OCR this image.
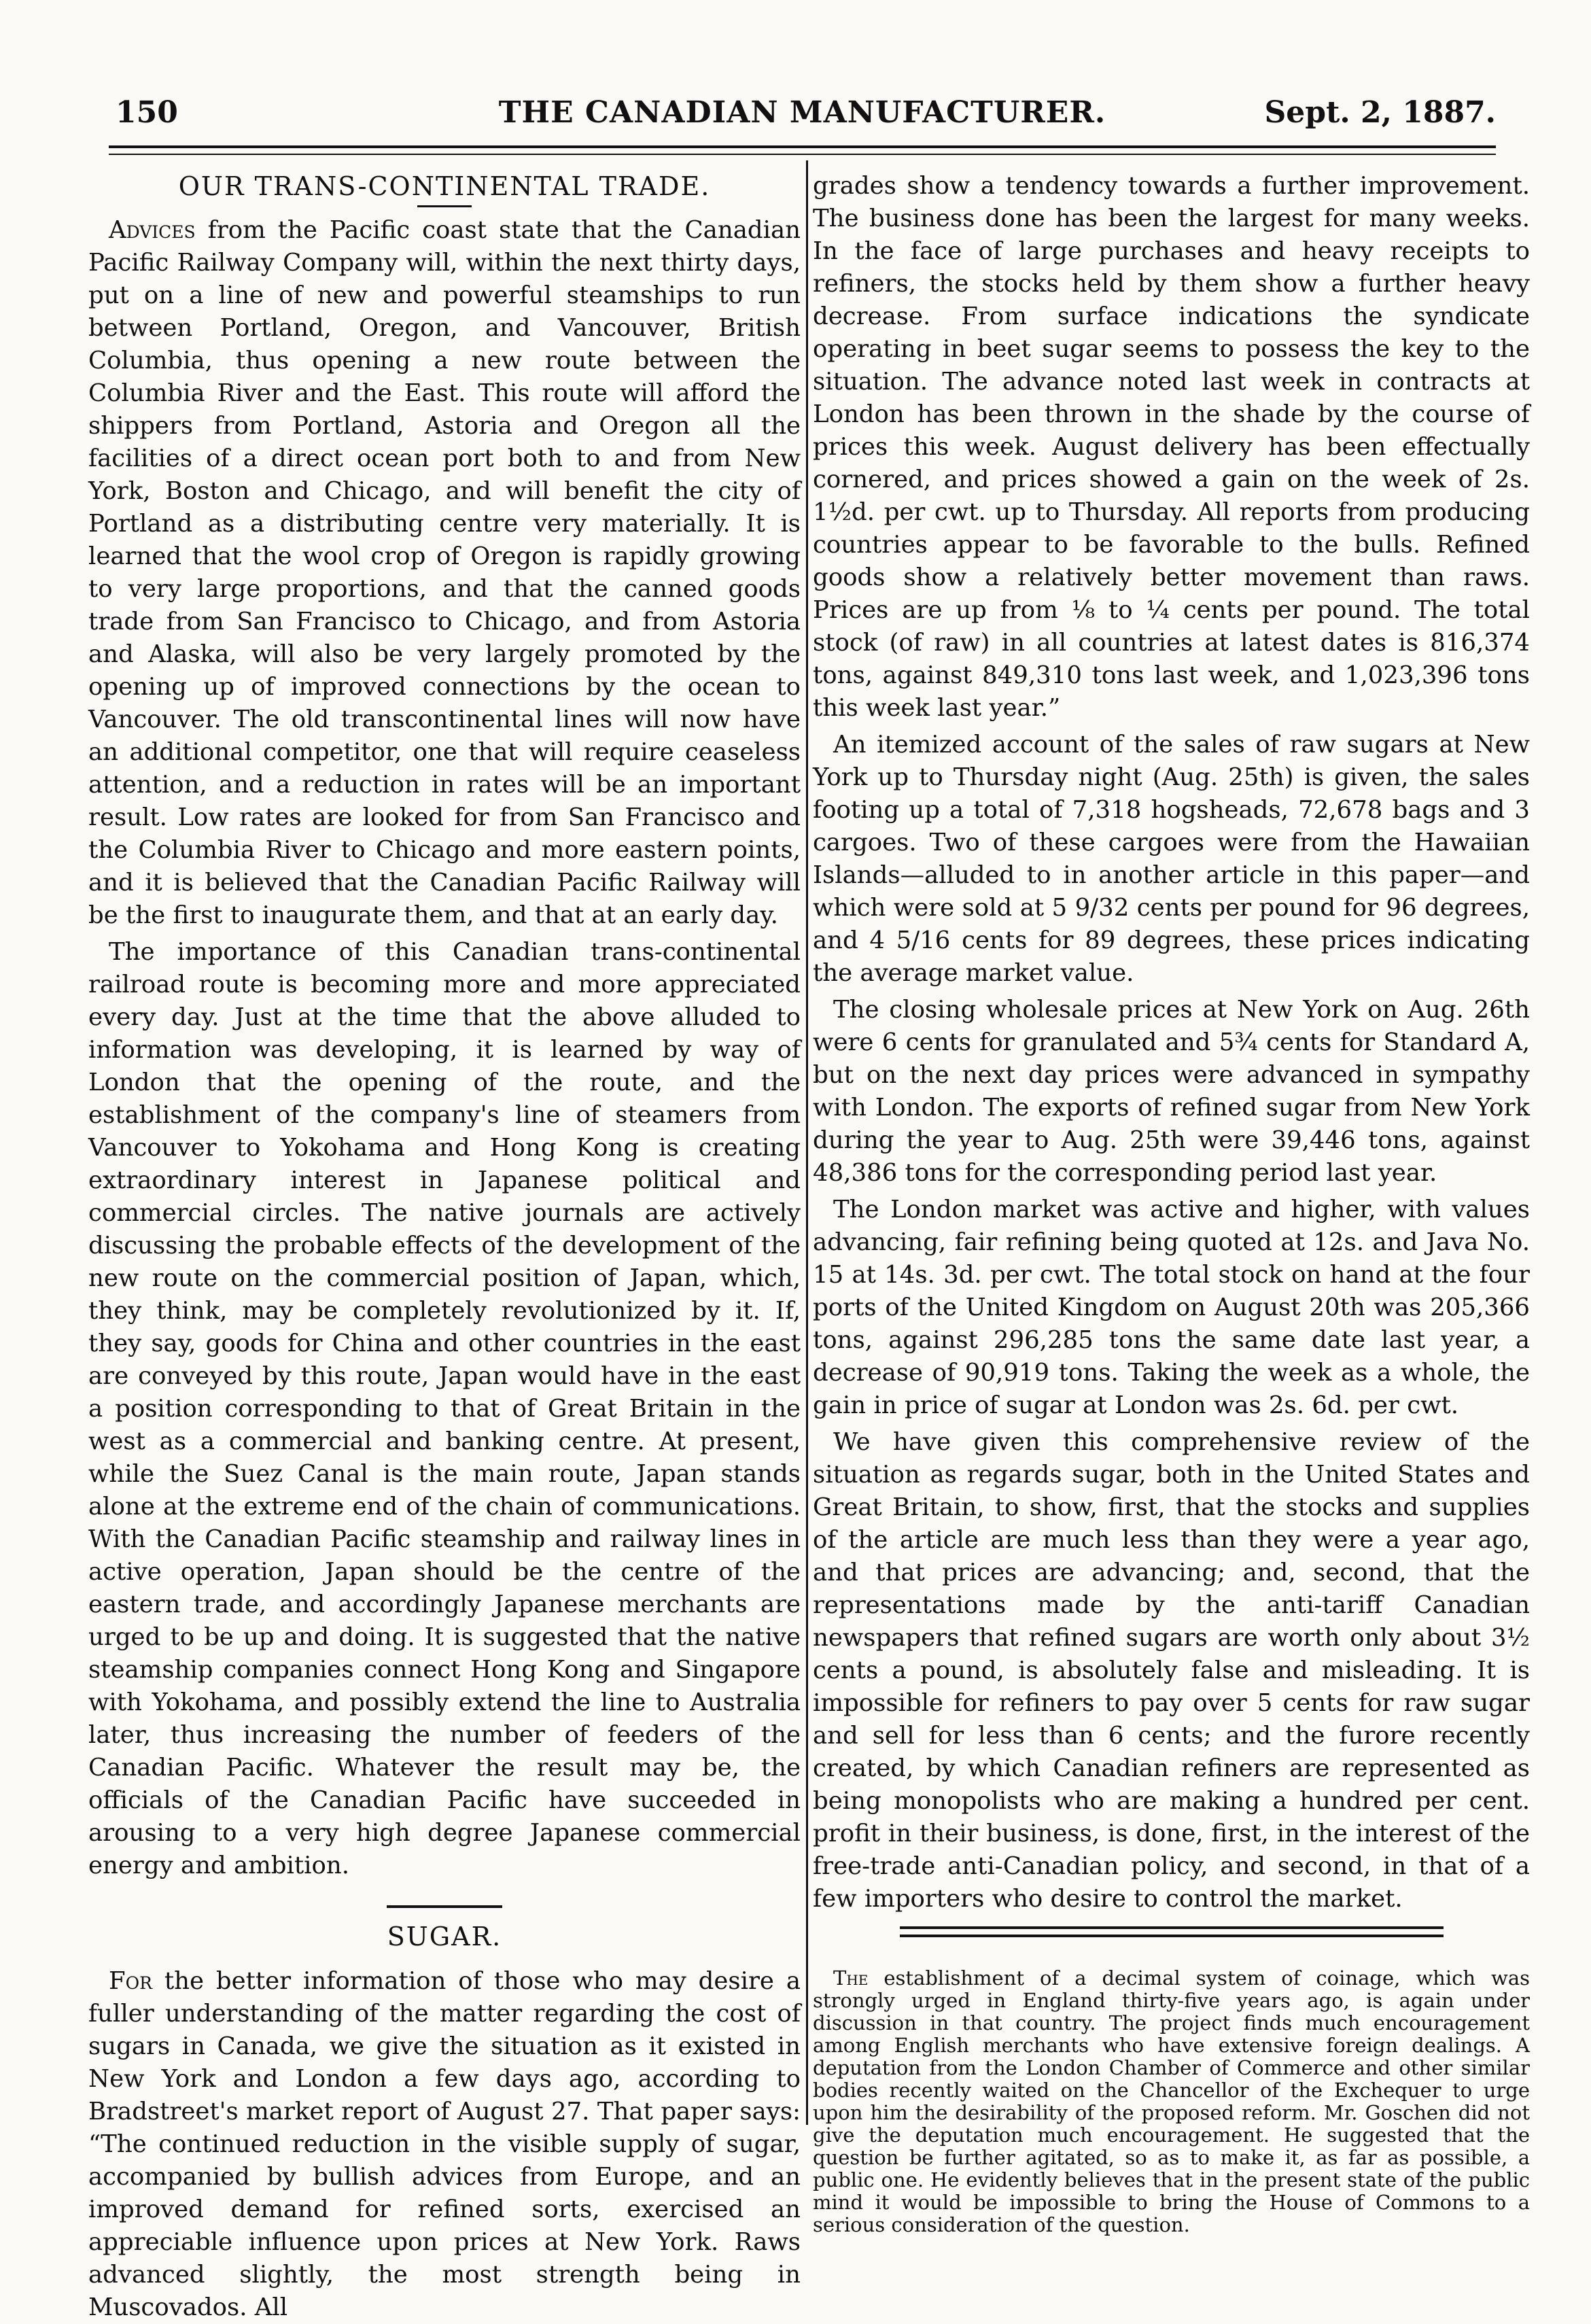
150	THE CANADIAN MANUFACTURER.	Sept. 2, 1887.
OUR TRANS-CONTINENTAL TRADE.

Advices from the Pacific coast state that the Canadian Pacific Railway Company will, within the next thirty days, put on a line of new and powerful steamships to run between Portland, Oregon, and Vancouver, British Columbia, thus opening a new route between the Columbia River and the East. This route will afford the shippers from Portland, Astoria and Oregon all the facilities of a direct ocean port both to and from New York, Boston and Chicago, and will benefit the city of Portland as a distributing centre very materially. It is learned that the wool crop of Oregon is rapidly growing to very large proportions, and that the canned goods trade from San Francisco to Chicago, and from Astoria and Alaska, will also be very largely promoted by the opening up of improved connections by the ocean to Vancouver. The old transcontinental lines will now have an additional competitor, one that will require ceaseless attention, and a reduction in rates will be an important result. Low rates are looked for from San Francisco and the Columbia River to Chicago and more eastern points, and it is believed that the Canadian Pacific Railway will be the first to inaugurate them, and that at an early day.

The importance of this Canadian trans-continental railroad route is becoming more and more appreciated every day. Just at the time that the above alluded to information was developing, it is learned by way of London that the opening of the route, and the establishment of the company's line of steamers from Vancouver to Yokohama and Hong Kong is creating extraordinary interest in Japanese political and commercial circles. The native journals are actively discussing the probable effects of the development of the new route on the commercial position of Japan, which, they think, may be completely revolutionized by it. If, they say, goods for China and other countries in the east are conveyed by this route, Japan would have in the east a position corresponding to that of Great Britain in the west as a commercial and banking centre. At present, while the Suez Canal is the main route, Japan stands alone at the extreme end of the chain of communications. With the Canadian Pacific steamship and railway lines in active operation, Japan should be the centre of the eastern trade, and accordingly Japanese merchants are urged to be up and doing. It is suggested that the native steamship companies connect Hong Kong and Singapore with Yokohama, and possibly extend the line to Australia later, thus increasing the number of feeders of the Canadian Pacific. Whatever the result may be, the officials of the Canadian Pacific have succeeded in arousing to a very high degree Japanese commercial energy and ambition.

SUGAR.

For the better information of those who may desire a fuller understanding of the matter regarding the cost of sugars in Canada, we give the situation as it existed in New York and London a few days ago, according to Bradstreet's market report of August 27. That paper says: “The continued reduction in the visible supply of sugar, accompanied by bullish advices from Europe, and an improved demand for refined sorts, exercised an appreciable influence upon prices at New York. Raws advanced slightly, the most strength being in Muscovados. All

grades show a tendency towards a further improvement. The business done has been the largest for many weeks. In the face of large purchases and heavy receipts to refiners, the stocks held by them show a further heavy decrease. From surface indications the syndicate operating in beet sugar seems to possess the key to the situation. The advance noted last week in contracts at London has been thrown in the shade by the course of prices this week. August delivery has been effectually cornered, and prices showed a gain on the week of 2s. 1½d. per cwt. up to Thursday. All reports from producing countries appear to be favorable to the bulls. Refined goods show a relatively better movement than raws. Prices are up from ⅛ to ¼ cents per pound. The total stock (of raw) in all countries at latest dates is 816,374 tons, against 849,310 tons last week, and 1,023,396 tons this week last year.”

An itemized account of the sales of raw sugars at New York up to Thursday night (Aug. 25th) is given, the sales footing up a total of 7,318 hogsheads, 72,678 bags and 3 cargoes. Two of these cargoes were from the Hawaiian Islands—alluded to in another article in this paper—and which were sold at 5 9/32 cents per pound for 96 degrees, and 4 5/16 cents for 89 degrees, these prices indicating the average market value.

The closing wholesale prices at New York on Aug. 26th were 6 cents for granulated and 5¾ cents for Standard A, but on the next day prices were advanced in sympathy with London. The exports of refined sugar from New York during the year to Aug. 25th were 39,446 tons, against 48,386 tons for the corresponding period last year.

The London market was active and higher, with values advancing, fair refining being quoted at 12s. and Java No. 15 at 14s. 3d. per cwt. The total stock on hand at the four ports of the United Kingdom on August 20th was 205,366 tons, against 296,285 tons the same date last year, a decrease of 90,919 tons. Taking the week as a whole, the gain in price of sugar at London was 2s. 6d. per cwt.

We have given this comprehensive review of the situation as regards sugar, both in the United States and Great Britain, to show, first, that the stocks and supplies of the article are much less than they were a year ago, and that prices are advancing; and, second, that the representations made by the anti-tariff Canadian newspapers that refined sugars are worth only about 3½ cents a pound, is absolutely false and misleading. It is impossible for refiners to pay over 5 cents for raw sugar and sell for less than 6 cents; and the furore recently created, by which Canadian refiners are represented as being monopolists who are making a hundred per cent. profit in their business, is done, first, in the interest of the free-trade anti-Canadian policy, and second, in that of a few importers who desire to control the market.

The establishment of a decimal system of coinage, which was strongly urged in England thirty-five years ago, is again under discussion in that country. The project finds much encouragement among English merchants who have extensive foreign dealings. A deputation from the London Chamber of Commerce and other similar bodies recently waited on the Chancellor of the Exchequer to urge upon him the desirability of the proposed reform. Mr. Goschen did not give the deputation much encouragement. He suggested that the question be further agitated, so as to make it, as far as possible, a public one. He evidently believes that in the present state of the public mind it would be impossible to bring the House of Commons to a serious consideration of the question.
